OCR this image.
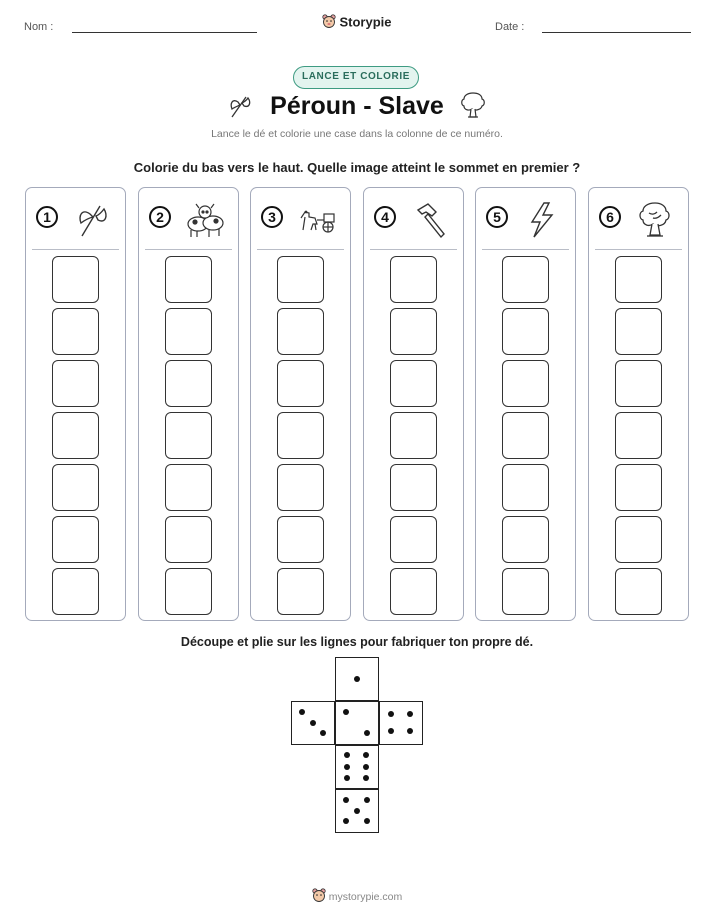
Nom :	Storypie	Date :
LANCE ET COLORIE
Péroun - Slave
Lance le dé et colorie une case dans la colonne de ce numéro.
Colorie du bas vers le haut. Quelle image atteint le sommet en premier ?
1	2	3	4	5	6
Découpe et plie sur les lignes pour fabriquer ton propre dé.
mystorypie.com
